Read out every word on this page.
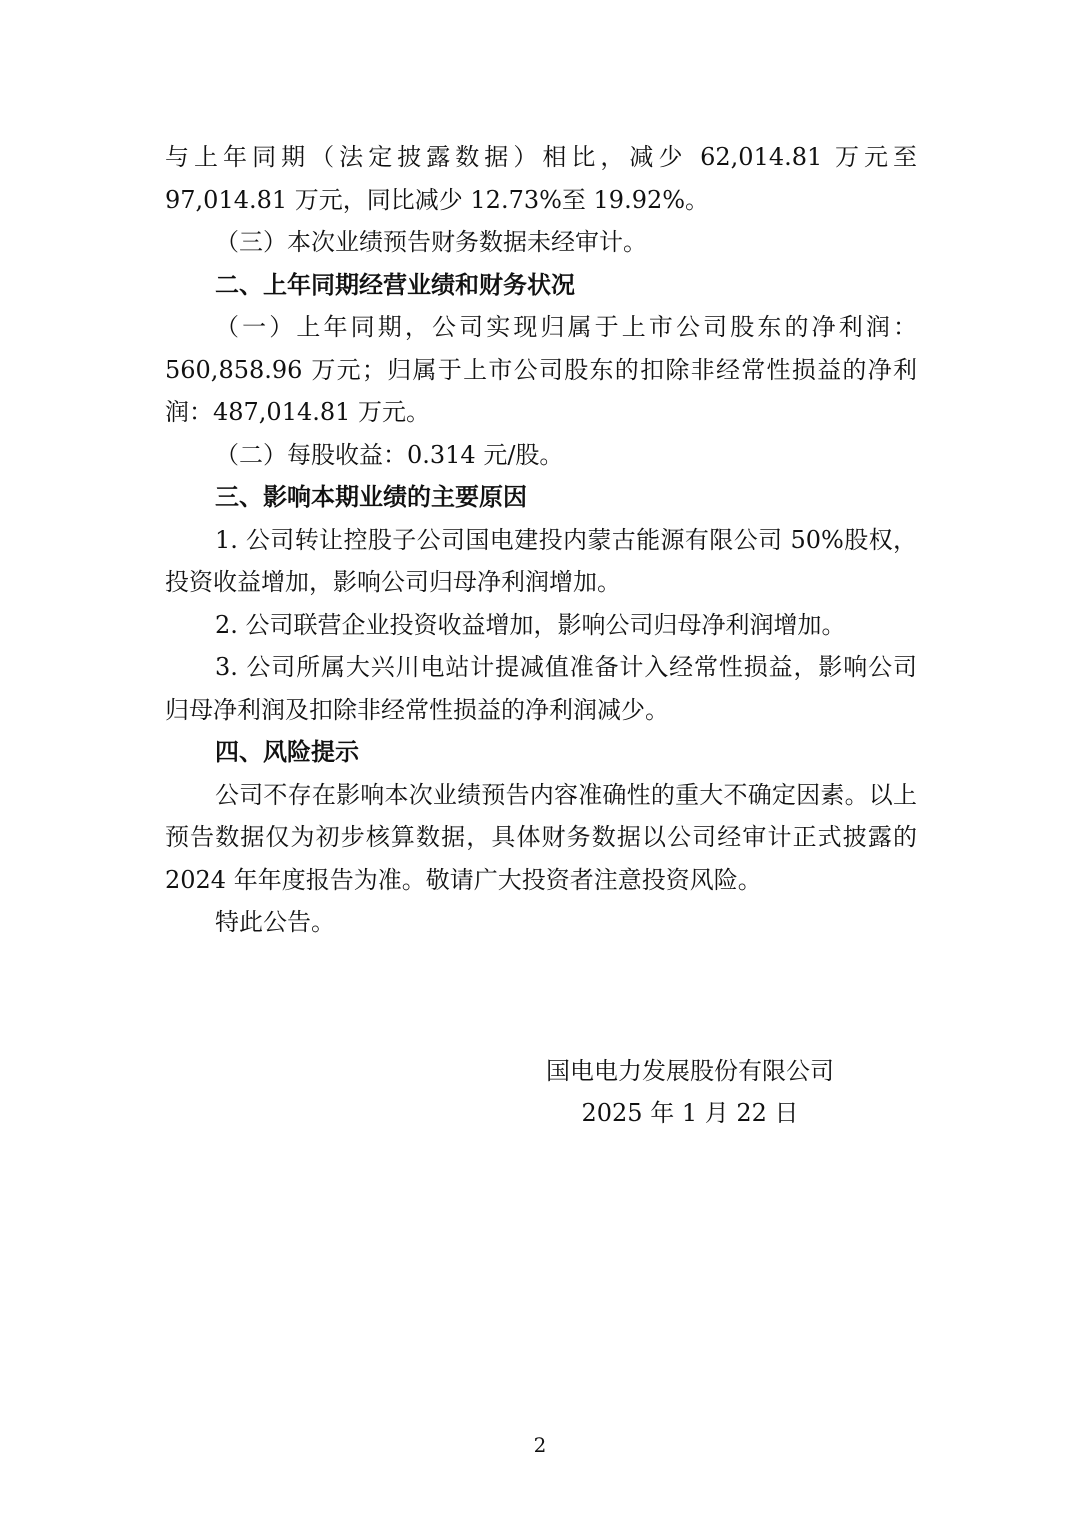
与上年同期（法定披露数据）相比，减少 62,014.81 万元至 97,014.81 万元，同比减少 12.73%至 19.92%。

（三）本次业绩预告财务数据未经审计。

二、上年同期经营业绩和财务状况

（一）上年同期，公司实现归属于上市公司股东的净利润：560,858.96 万元；归属于上市公司股东的扣除非经常性损益的净利润：487,014.81 万元。

（二）每股收益：0.314 元/股。

三、影响本期业绩的主要原因

1. 公司转让控股子公司国电建投内蒙古能源有限公司 50%股权，投资收益增加，影响公司归母净利润增加。

2. 公司联营企业投资收益增加，影响公司归母净利润增加。

3. 公司所属大兴川电站计提减值准备计入经常性损益，影响公司归母净利润及扣除非经常性损益的净利润减少。

四、风险提示

公司不存在影响本次业绩预告内容准确性的重大不确定因素。以上预告数据仅为初步核算数据，具体财务数据以公司经审计正式披露的 2024 年年度报告为准。敬请广大投资者注意投资风险。

特此公告。

国电电力发展股份有限公司
2025 年 1 月 22 日
2
